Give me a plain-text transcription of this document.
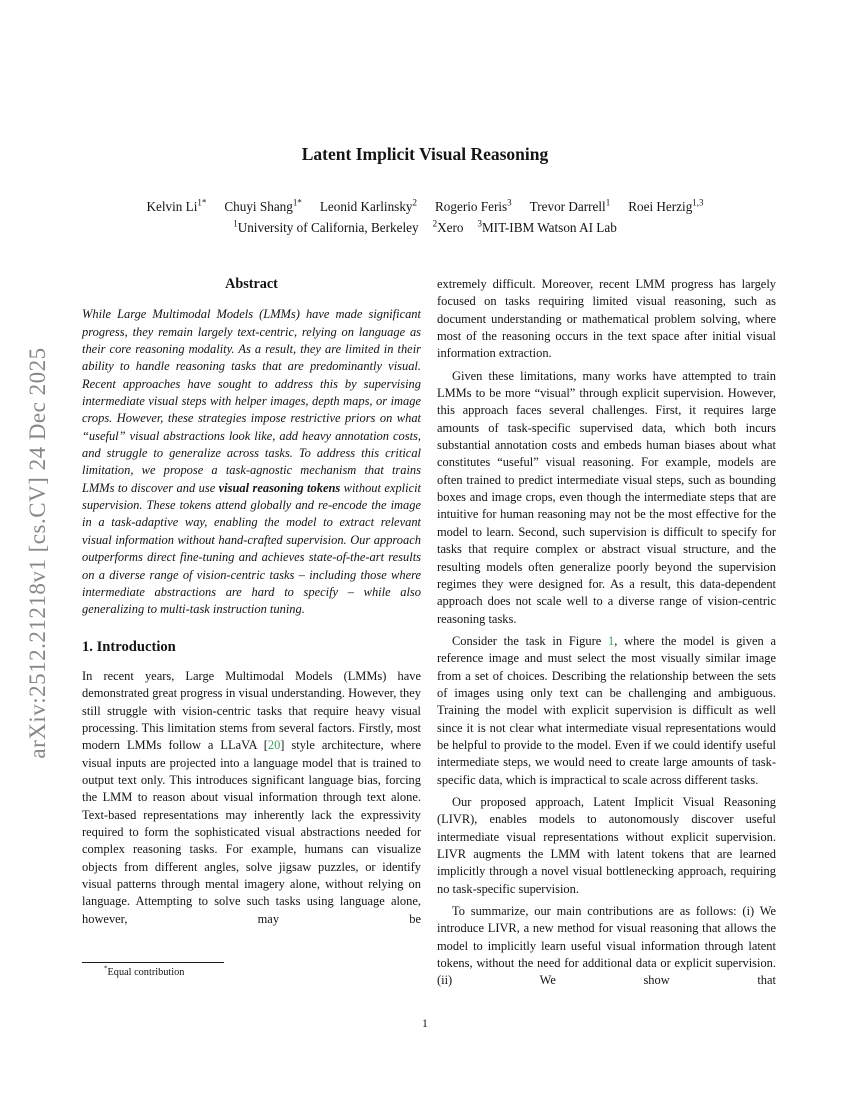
arXiv:2512.21218v1 [cs.CV] 24 Dec 2025
Latent Implicit Visual Reasoning
Kelvin $Li^{1*}$ Chuyi Shang$^{1*}$ Leonid Karlinsky$^2$ Rogerio Feris$^3$ Trevor Darrell$^1$ Roei Herzig$^{1,3}$
$^1$University of California, Berkeley $^2$Xero $^3$MIT-IBM Watson AI Lab
Abstract

While Large Multimodal Models (LMMs) have made significant progress, they remain largely text-centric, relying on language as their core reasoning modality. As a result, they are limited in their ability to handle reasoning tasks that are predominantly visual. Recent approaches have sought to address this by supervising intermediate visual steps with helper images, depth maps, or image crops. However, these strategies impose restrictive priors on what “useful” visual abstractions look like, add heavy annotation costs, and struggle to generalize across tasks. To address this critical limitation, we propose a task-agnostic mechanism that trains LMMs to discover and use visual reasoning tokens without explicit supervision. These tokens attend globally and re-encode the image in a task-adaptive way, enabling the model to extract relevant visual information without hand-crafted supervision. Our approach outperforms direct fine-tuning and achieves state-of-the-art results on a diverse range of vision-centric tasks – including those where intermediate abstractions are hard to specify – while also generalizing to multi-task instruction tuning.

1. Introduction

In recent years, Large Multimodal Models (LMMs) have demonstrated great progress in visual understanding. However, they still struggle with vision-centric tasks that require heavy visual processing. This limitation stems from several factors. Firstly, most modern LMMs follow a LLaVA [20] style architecture, where visual inputs are projected into a language model that is trained to output text only. This introduces significant language bias, forcing the LMM to reason about visual information through text alone. Text-based representations may inherently lack the expressivity required to form the sophisticated visual abstractions needed for complex reasoning tasks. For example, humans can visualize objects from different angles, solve jigsaw puzzles, or identify visual patterns through mental imagery alone, without relying on language. Attempting to solve such tasks using language alone, however, may be

extremely difficult. Moreover, recent LMM progress has largely focused on tasks requiring limited visual reasoning, such as document understanding or mathematical problem solving, where most of the reasoning occurs in the text space after initial visual information extraction.

Given these limitations, many works have attempted to train LMMs to be more “visual” through explicit supervision. However, this approach faces several challenges. First, it requires large amounts of task-specific supervised data, which both incurs substantial annotation costs and embeds human biases about what constitutes “useful” visual reasoning. For example, models are often trained to predict intermediate visual steps, such as bounding boxes and image crops, even though the intermediate steps that are intuitive for human reasoning may not be the most effective for the model to learn. Second, such supervision is difficult to specify for tasks that require complex or abstract visual structure, and the resulting models often generalize poorly beyond the supervision regimes they were designed for. As a result, this data-dependent approach does not scale well to a diverse range of vision-centric reasoning tasks.

Consider the task in Figure 1, where the model is given a reference image and must select the most visually similar image from a set of choices. Describing the relationship between the sets of images using only text can be challenging and ambiguous. Training the model with explicit supervision is difficult as well since it is not clear what intermediate visual representations would be helpful to provide to the model. Even if we could identify useful intermediate steps, we would need to create large amounts of task-specific data, which is impractical to scale across different tasks.

Our proposed approach, Latent Implicit Visual Reasoning (LIVR), enables models to autonomously discover useful intermediate visual representations without explicit supervision. LIVR augments the LMM with latent tokens that are learned implicitly through a novel visual bottlenecking approach, requiring no task-specific supervision.

To summarize, our main contributions are as follows: (i) We introduce LIVR, a new method for visual reasoning that allows the model to implicitly learn useful visual information through latent tokens, without the need for additional data or explicit supervision. (ii) We show that

*Equal contribution
1
